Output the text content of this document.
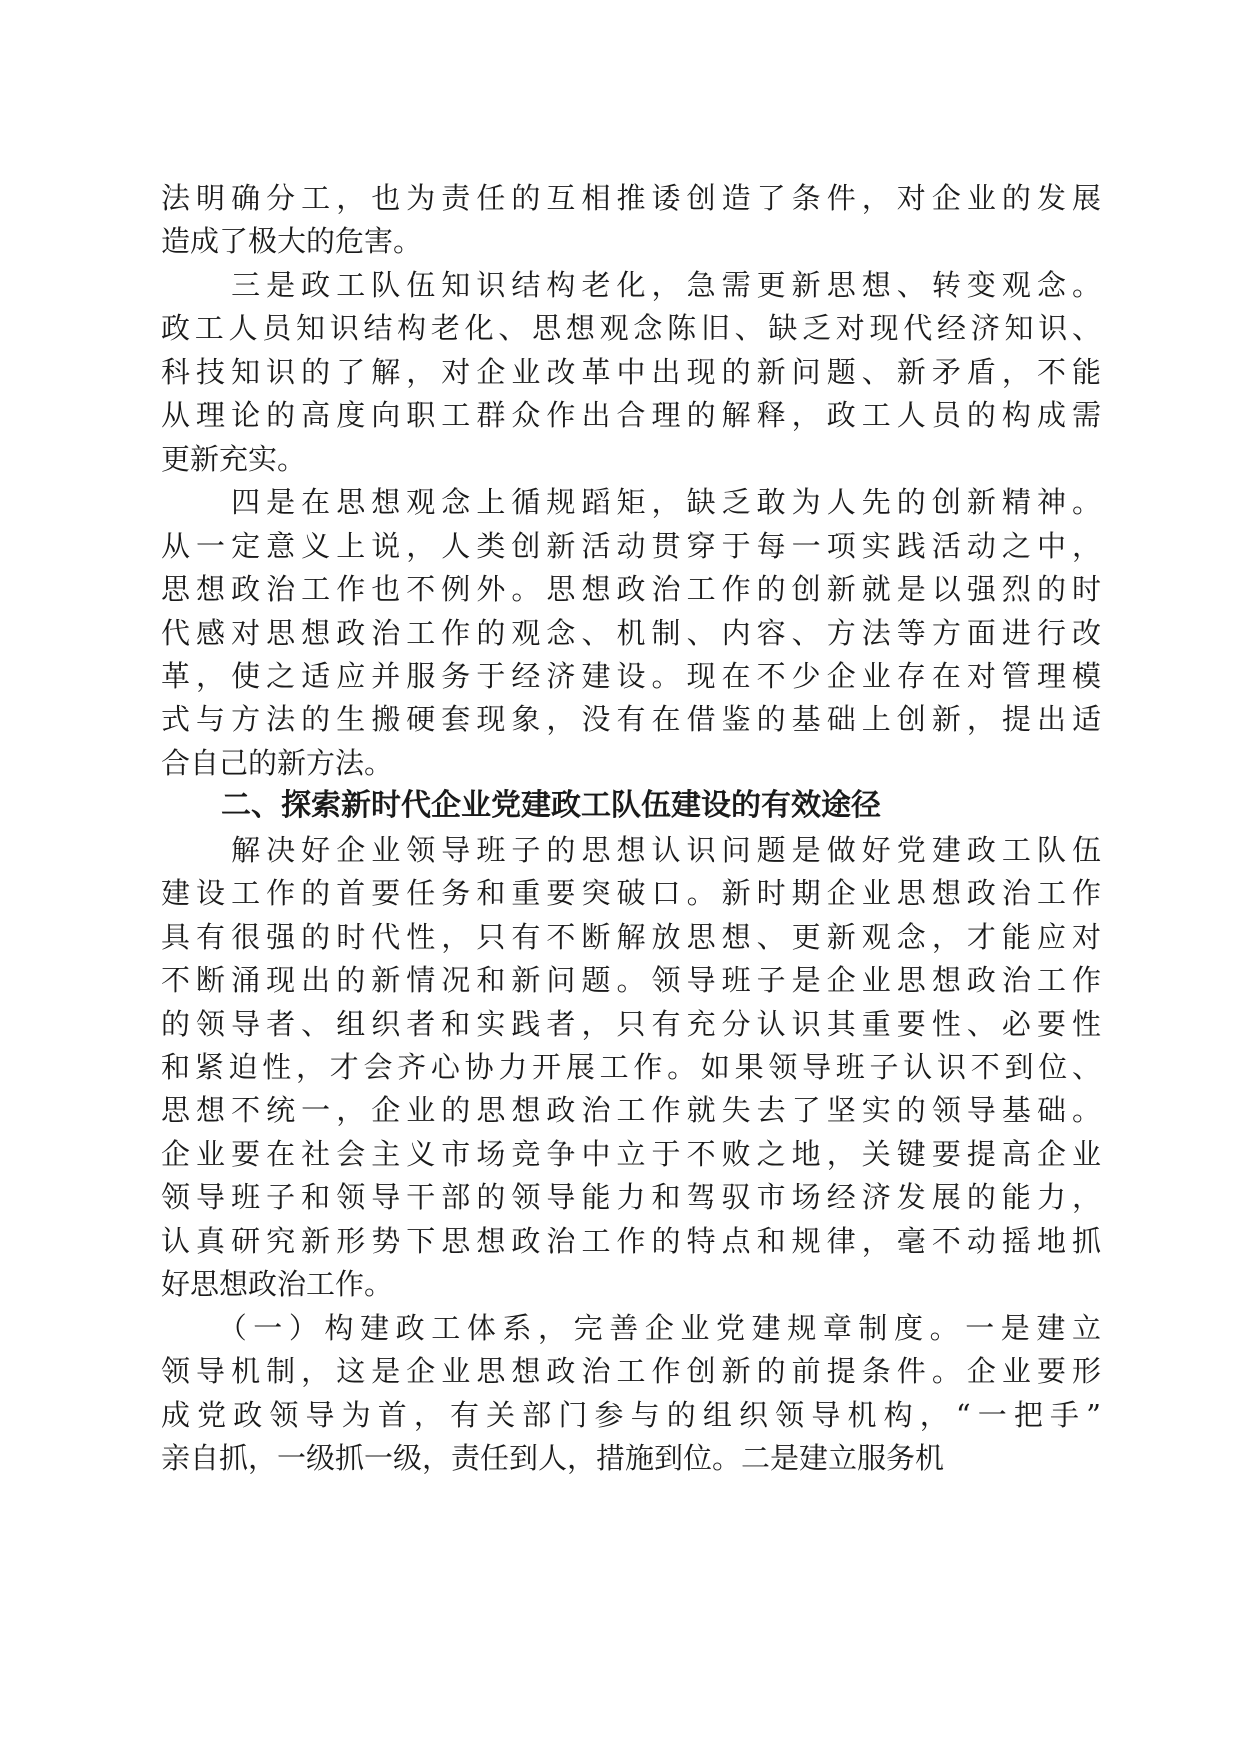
法明确分工，也为责任的互相推诿创造了条件，对企业的发展

造成了极大的危害。

　　三是政工队伍知识结构老化，急需更新思想、转变观念。

政工人员知识结构老化、思想观念陈旧、缺乏对现代经济知识、

科技知识的了解，对企业改革中出现的新问题、新矛盾，不能

从理论的高度向职工群众作出合理的解释，政工人员的构成需

更新充实。

　　四是在思想观念上循规蹈矩，缺乏敢为人先的创新精神。

从一定意义上说，人类创新活动贯穿于每一项实践活动之中，

思想政治工作也不例外。思想政治工作的创新就是以强烈的时

代感对思想政治工作的观念、机制、内容、方法等方面进行改

革，使之适应并服务于经济建设。现在不少企业存在对管理模

式与方法的生搬硬套现象，没有在借鉴的基础上创新，提出适

合自己的新方法。

　　二、探索新时代企业党建政工队伍建设的有效途径

　　解决好企业领导班子的思想认识问题是做好党建政工队伍

建设工作的首要任务和重要突破口。新时期企业思想政治工作

具有很强的时代性，只有不断解放思想、更新观念，才能应对

不断涌现出的新情况和新问题。领导班子是企业思想政治工作

的领导者、组织者和实践者，只有充分认识其重要性、必要性

和紧迫性，才会齐心协力开展工作。如果领导班子认识不到位、

思想不统一，企业的思想政治工作就失去了坚实的领导基础。

企业要在社会主义市场竞争中立于不败之地，关键要提高企业

领导班子和领导干部的领导能力和驾驭市场经济发展的能力，

认真研究新形势下思想政治工作的特点和规律，毫不动摇地抓

好思想政治工作。

　　（一）构建政工体系，完善企业党建规章制度。一是建立

领导机制，这是企业思想政治工作创新的前提条件。企业要形

成党政领导为首，有关部门参与的组织领导机构，“一把手”

亲自抓，一级抓一级，责任到人，措施到位。二是建立服务机
